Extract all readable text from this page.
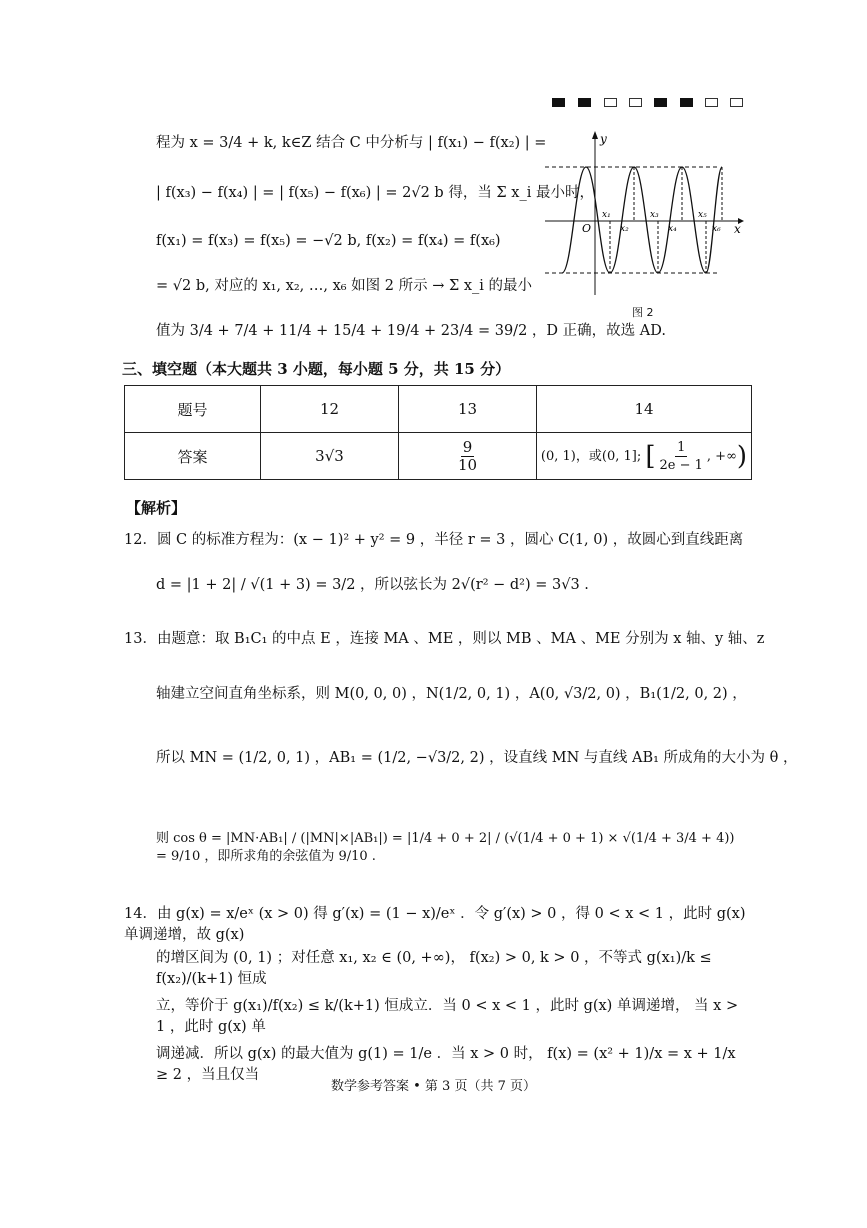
程为 x = 3/4 + k, k∈Z 结合 C 中分析与 | f(x₁) − f(x₂) | =
| f(x₃) − f(x₄) | = | f(x₅) − f(x₆) | = 2√2 b 得，当 Σ x_i 最小时，
f(x₁) = f(x₃) = f(x₅) = −√2 b, f(x₂) = f(x₄) = f(x₆)
= √2 b, 对应的 x₁, x₂, …, x₆ 如图 2 所示 → Σ x_i 的最小
值为 3/4 + 7/4 + 11/4 + 15/4 + 19/4 + 23/4 = 39/2 ，D 正确，故选 AD.
y
x
O
x₁
x₂
x₃
x₄
x₅
x₆
图 2
三、填空题（本大题共 3 小题，每小题 5 分，共 15 分）
题号	12	13	14
答案	3√3	$\frac{9}{10}$	(0, 1)，或(0, 1]; [ $\frac{1}{2e - 1}$ , +∞)
【解析】
12．圆 C 的标准方程为：(x − 1)² + y² = 9 ，半径 r = 3 ，圆心 C(1, 0) ，故圆心到直线距离
d = |1 + 2| / √(1 + 3) = 3/2 ，所以弦长为 2√(r² − d²) = 3√3 .
13．由题意：取 B₁C₁ 的中点 E ，连接 MA 、ME ，则以 MB 、MA 、ME 分别为 x 轴、y 轴、z
轴建立空间直角坐标系，则 M(0, 0, 0) ，N(1/2, 0, 1) ，A(0, √3/2, 0) ，B₁(1/2, 0, 2) ，
所以 MN = (1/2, 0, 1) ，AB₁ = (1/2, −√3/2, 2) ，设直线 MN 与直线 AB₁ 所成角的大小为 θ ，
则 cos θ = |MN·AB₁| / (|MN|×|AB₁|) = |1/4 + 0 + 2| / (√(1/4 + 0 + 1) × √(1/4 + 3/4 + 4)) = 9/10 ，即所求角的余弦值为 9/10 .
14．由 g(x) = x/eˣ (x > 0) 得 g′(x) = (1 − x)/eˣ ．令 g′(x) > 0 ，得 0 < x < 1 ，此时 g(x) 单调递增，故 g(x)
的增区间为 (0, 1) ；对任意 x₁, x₂ ∈ (0, +∞)， f(x₂) > 0, k > 0 ，不等式 g(x₁)/k ≤ f(x₂)/(k+1) 恒成
立，等价于 g(x₁)/f(x₂) ≤ k/(k+1) 恒成立．当 0 < x < 1 ，此时 g(x) 单调递增， 当 x > 1 ，此时 g(x) 单
调递减．所以 g(x) 的最大值为 g(1) = 1/e ．当 x > 0 时， f(x) = (x² + 1)/x = x + 1/x ≥ 2 ，当且仅当
数学参考答案 • 第 3 页（共 7 页）
